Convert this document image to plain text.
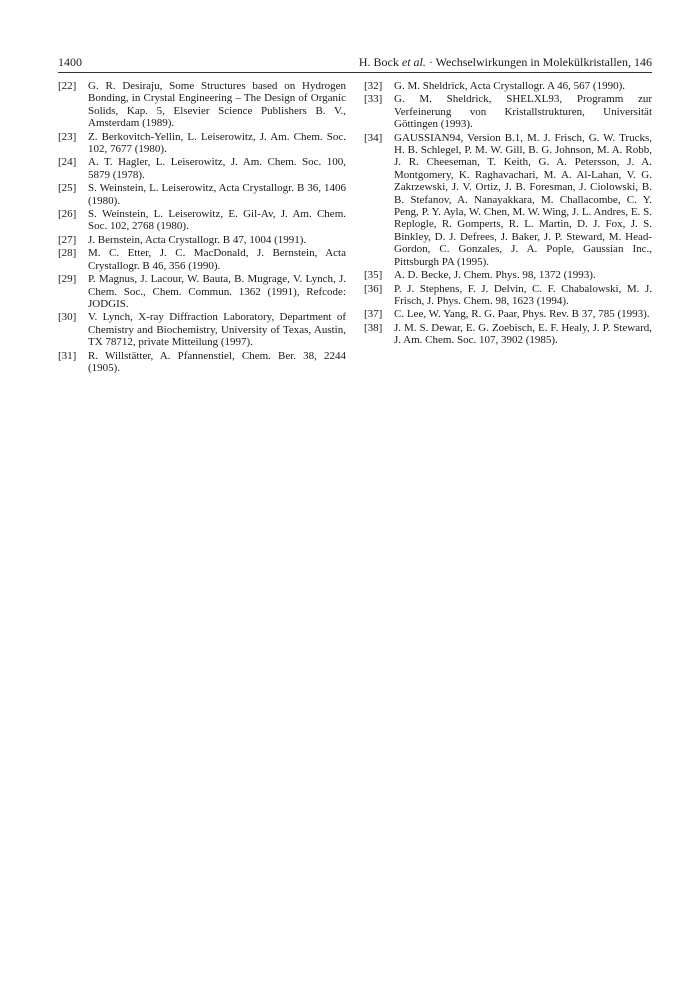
1400	H. Bock et al. · Wechselwirkungen in Molekülkristallen, 146
[22] G. R. Desiraju, Some Structures based on Hydrogen Bonding, in Crystal Engineering – The Design of Organic Solids, Kap. 5, Elsevier Science Publishers B. V., Amsterdam (1989).
[23] Z. Berkovitch-Yellin, L. Leiserowitz, J. Am. Chem. Soc. 102, 7677 (1980).
[24] A. T. Hagler, L. Leiserowitz, J. Am. Chem. Soc. 100, 5879 (1978).
[25] S. Weinstein, L. Leiserowitz, Acta Crystallogr. B 36, 1406 (1980).
[26] S. Weinstein, L. Leiserowitz, E. Gil-Av, J. Am. Chem. Soc. 102, 2768 (1980).
[27] J. Bernstein, Acta Crystallogr. B 47, 1004 (1991).
[28] M. C. Etter, J. C. MacDonald, J. Bernstein, Acta Crystallogr. B 46, 356 (1990).
[29] P. Magnus, J. Lacour, W. Bauta, B. Mugrage, V. Lynch, J. Chem. Soc., Chem. Commun. 1362 (1991), Refcode: JODGIS.
[30] V. Lynch, X-ray Diffraction Laboratory, Department of Chemistry and Biochemistry, University of Texas, Austin, TX 78712, private Mitteilung (1997).
[31] R. Willstätter, A. Pfannenstiel, Chem. Ber. 38, 2244 (1905).
[32] G. M. Sheldrick, Acta Crystallogr. A 46, 567 (1990).
[33] G. M. Sheldrick, SHELXL93, Programm zur Verfeinerung von Kristallstrukturen, Universität Göttingen (1993).
[34] GAUSSIAN94, Version B.1, M. J. Frisch, G. W. Trucks, H. B. Schlegel, P. M. W. Gill, B. G. Johnson, M. A. Robb, J. R. Cheeseman, T. Keith, G. A. Petersson, J. A. Montgomery, K. Raghavachari, M. A. Al-Lahan, V. G. Zakrzewski, J. V. Ortiz, J. B. Foresman, J. Ciolowski, B. B. Stefanov, A. Nanayakkara, M. Challacombe, C. Y. Peng, P. Y. Ayla, W. Chen, M. W. Wing, J. L. Andres, E. S. Replogle, R. Gomperts, R. L. Martin, D. J. Fox, J. S. Binkley, D. J. Defrees, J. Baker, J. P. Steward, M. Head-Gordon, C. Gonzales, J. A. Pople, Gaussian Inc., Pittsburgh PA (1995).
[35] A. D. Becke, J. Chem. Phys. 98, 1372 (1993).
[36] P. J. Stephens, F. J. Delvin, C. F. Chabalowski, M. J. Frisch, J. Phys. Chem. 98, 1623 (1994).
[37] C. Lee, W. Yang, R. G. Paar, Phys. Rev. B 37, 785 (1993).
[38] J. M. S. Dewar, E. G. Zoebisch, E. F. Healy, J. P. Steward, J. Am. Chem. Soc. 107, 3902 (1985).
